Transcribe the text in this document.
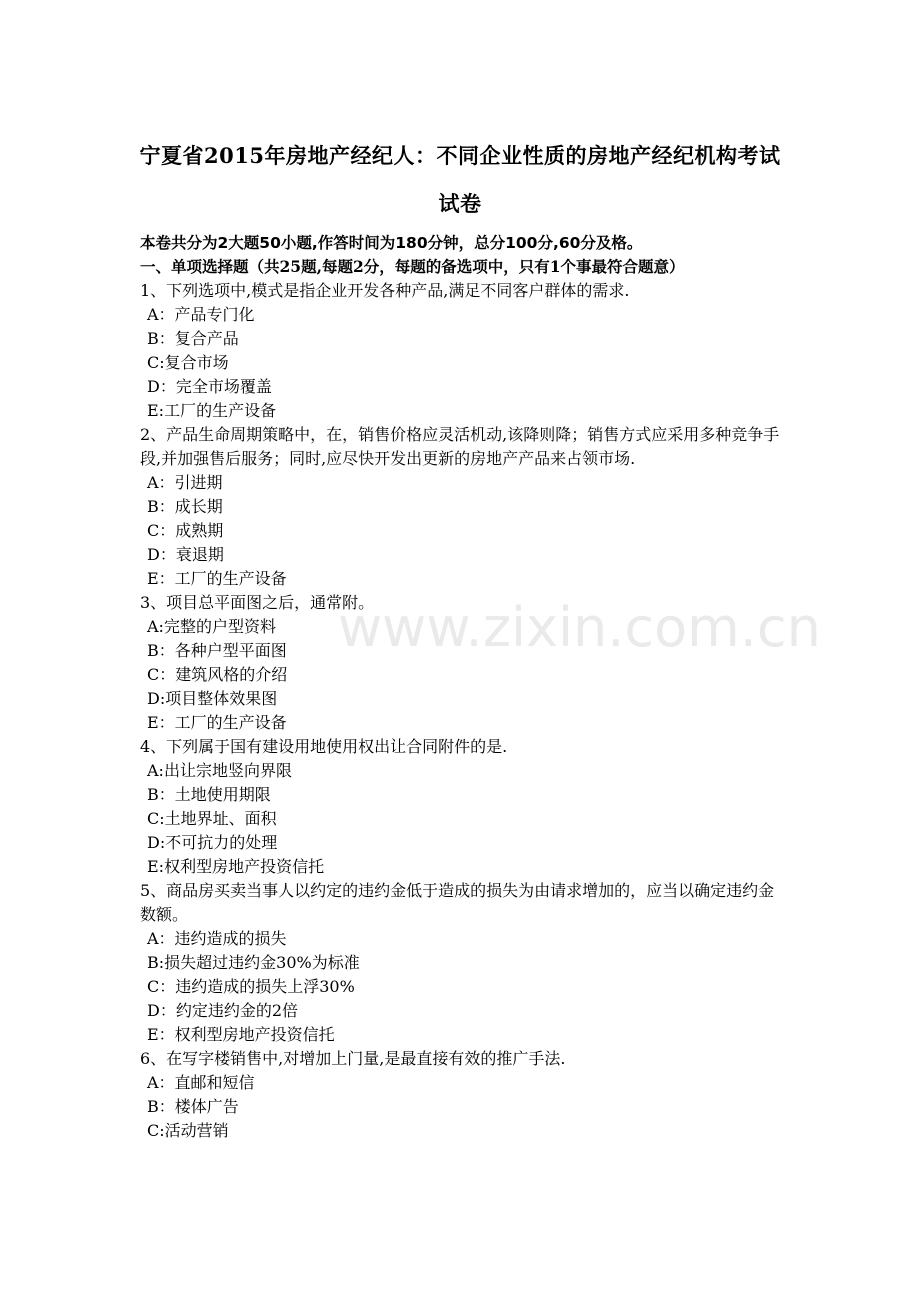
www.zixin.com.cn
宁夏省2015年房地产经纪人：不同企业性质的房地产经纪机构考试
试卷
本卷共分为2大题50小题,作答时间为180分钟，总分100分,60分及格。
一、单项选择题（共25题,每题2分，每题的备选项中，只有1个事最符合题意）

1、下列选项中,模式是指企业开发各种产品,满足不同客户群体的需求.

A：产品专门化
B：复合产品
C:复合市场
D：完全市场覆盖
E:工厂的生产设备

2、产品生命周期策略中，在，销售价格应灵活机动,该降则降；销售方式应采用多种竞争手段,并加强售后服务；同时,应尽快开发出更新的房地产产品来占领市场.

A：引进期
B：成长期
C：成熟期
D：衰退期
E：工厂的生产设备

3、项目总平面图之后，通常附。

A:完整的户型资料
B：各种户型平面图
C：建筑风格的介绍
D:项目整体效果图
E：工厂的生产设备

4、下列属于国有建设用地使用权出让合同附件的是.

A:出让宗地竖向界限
B：土地使用期限
C:土地界址、面积
D:不可抗力的处理
E:权利型房地产投资信托

5、商品房买卖当事人以约定的违约金低于造成的损失为由请求增加的，应当以确定违约金数额。

A：违约造成的损失
B:损失超过违约金30%为标准
C：违约造成的损失上浮30%
D：约定违约金的2倍
E：权利型房地产投资信托

6、在写字楼销售中,对增加上门量,是最直接有效的推广手法.

A：直邮和短信
B：楼体广告
C:活动营销
